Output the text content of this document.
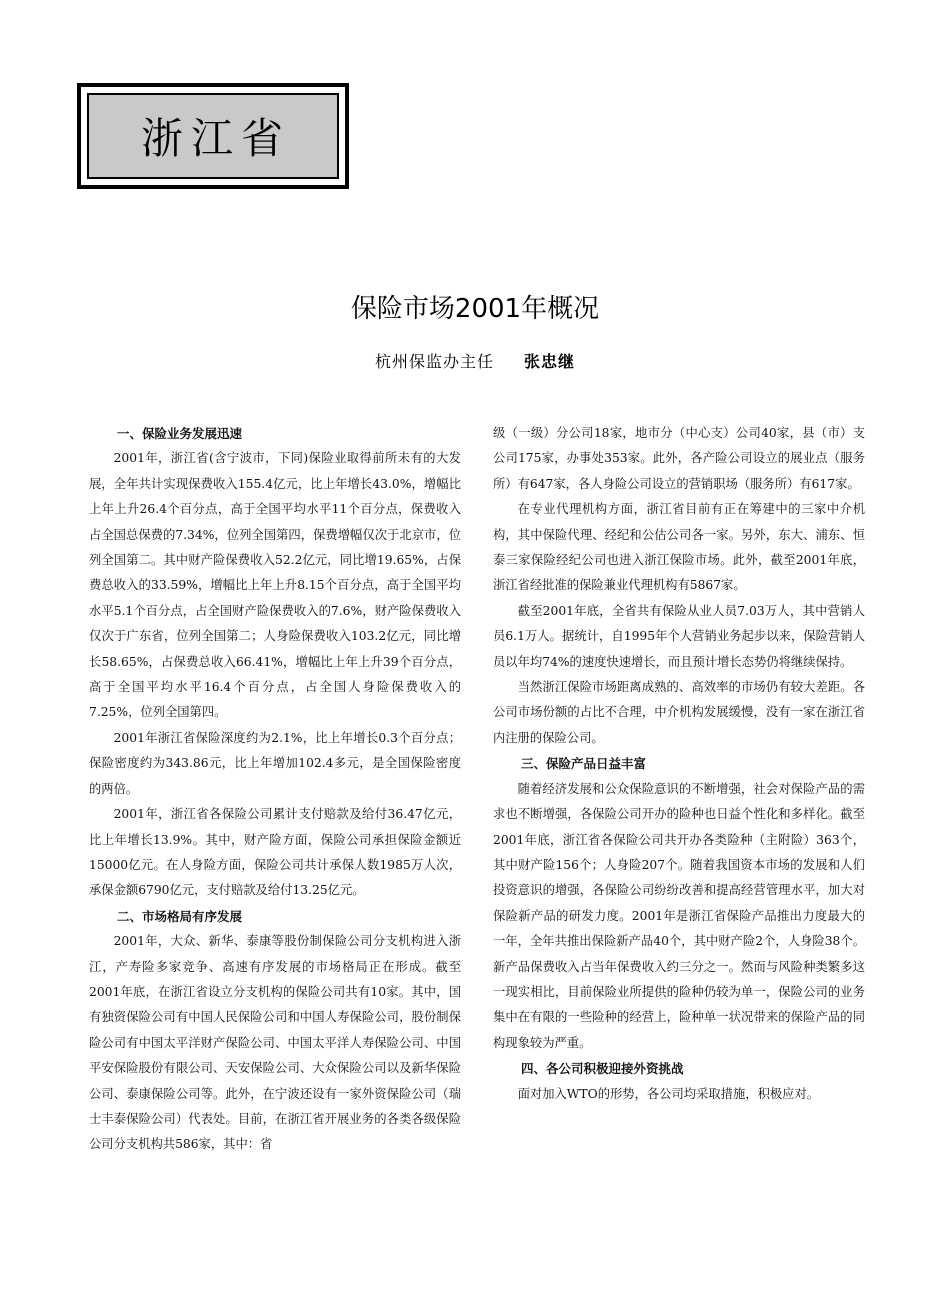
浙江省
保险市场2001年概况
杭州保监办主任 张忠继
一、保险业务发展迅速

2001年，浙江省(含宁波市，下同)保险业取得前所未有的大发展，全年共计实现保费收入155.4亿元，比上年增长43.0%，增幅比上年上升26.4个百分点，高于全国平均水平11个百分点，保费收入占全国总保费的7.34%，位列全国第四，保费增幅仅次于北京市，位列全国第二。其中财产险保费收入52.2亿元，同比增19.65%，占保费总收入的33.59%，增幅比上年上升8.15个百分点，高于全国平均水平5.1个百分点，占全国财产险保费收入的7.6%，财产险保费收入仅次于广东省，位列全国第二；人身险保费收入103.2亿元，同比增长58.65%，占保费总收入66.41%，增幅比上年上升39个百分点，高于全国平均水平16.4个百分点，占全国人身险保费收入的7.25%，位列全国第四。

2001年浙江省保险深度约为2.1%，比上年增长0.3个百分点；保险密度约为343.86元，比上年增加102.4多元，是全国保险密度的两倍。

2001年，浙江省各保险公司累计支付赔款及给付36.47亿元，比上年增长13.9%。其中，财产险方面，保险公司承担保险金额近15000亿元。在人身险方面，保险公司共计承保人数1985万人次，承保金额6790亿元，支付赔款及给付13.25亿元。

二、市场格局有序发展

2001年，大众、新华、泰康等股份制保险公司分支机构进入浙江，产寿险多家竞争、高速有序发展的市场格局正在形成。截至2001年底，在浙江省设立分支机构的保险公司共有10家。其中，国有独资保险公司有中国人民保险公司和中国人寿保险公司，股份制保险公司有中国太平洋财产保险公司、中国太平洋人寿保险公司、中国平安保险股份有限公司、天安保险公司、大众保险公司以及新华保险公司、泰康保险公司等。此外，在宁波还设有一家外资保险公司（瑞士丰泰保险公司）代表处。目前，在浙江省开展业务的各类各级保险公司分支机构共586家，其中：省

级（一级）分公司18家，地市分（中心支）公司40家，县（市）支公司175家，办事处353家。此外，各产险公司设立的展业点（服务所）有647家，各人身险公司设立的营销职场（服务所）有617家。

在专业代理机构方面，浙江省目前有正在筹建中的三家中介机构，其中保险代理、经纪和公估公司各一家。另外，东大、浦东、恒泰三家保险经纪公司也进入浙江保险市场。此外，截至2001年底，浙江省经批准的保险兼业代理机构有5867家。

截至2001年底，全省共有保险从业人员7.03万人，其中营销人员6.1万人。据统计，自1995年个人营销业务起步以来，保险营销人员以年均74%的速度快速增长，而且预计增长态势仍将继续保持。

当然浙江保险市场距离成熟的、高效率的市场仍有较大差距。各公司市场份额的占比不合理，中介机构发展缓慢，没有一家在浙江省内注册的保险公司。

三、保险产品日益丰富

随着经济发展和公众保险意识的不断增强，社会对保险产品的需求也不断增强，各保险公司开办的险种也日益个性化和多样化。截至2001年底，浙江省各保险公司共开办各类险种（主附险）363个，其中财产险156个；人身险207个。随着我国资本市场的发展和人们投资意识的增强，各保险公司纷纷改善和提高经营管理水平，加大对保险新产品的研发力度。2001年是浙江省保险产品推出力度最大的一年，全年共推出保险新产品40个，其中财产险2个，人身险38个。新产品保费收入占当年保费收入约三分之一。然而与风险种类繁多这一现实相比，目前保险业所提供的险种仍较为单一，保险公司的业务集中在有限的一些险种的经营上，险种单一状况带来的保险产品的同构现象较为严重。

四、各公司积极迎接外资挑战

面对加入WTO的形势，各公司均采取措施，积极应对。
